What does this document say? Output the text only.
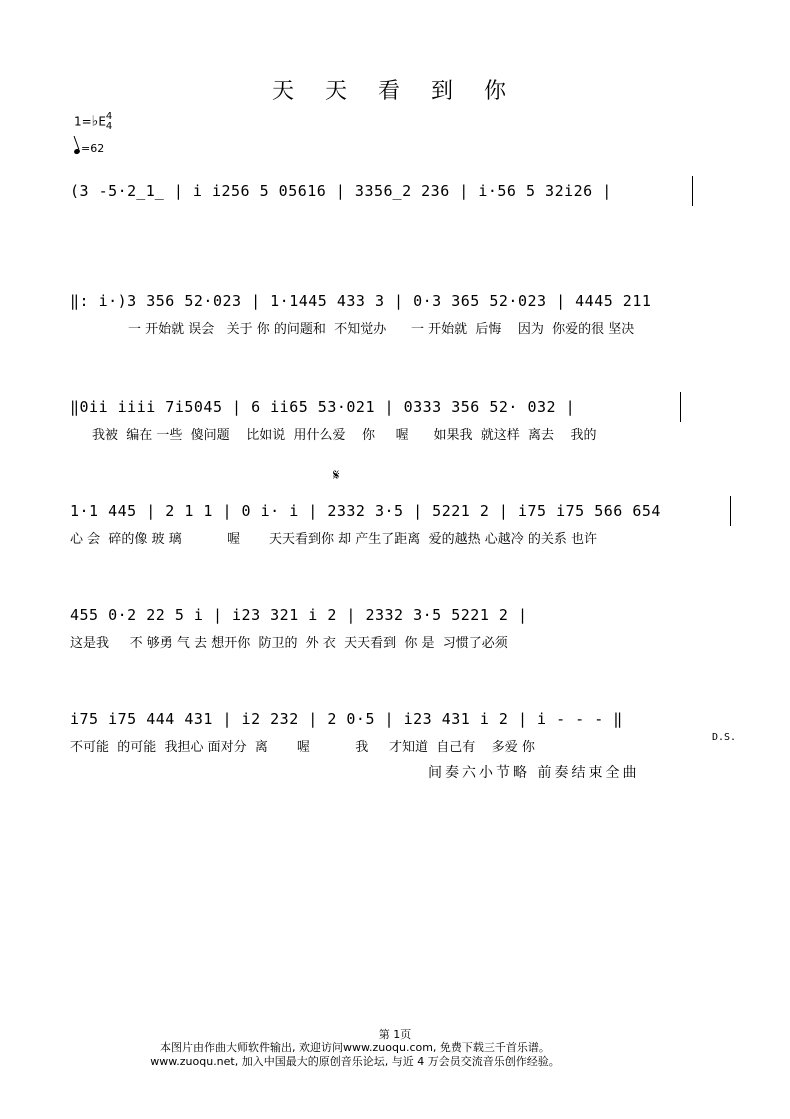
天 天 看 到 你
1=♭E4
4
=62
(3 -5·2̲1̲ | i i256 5 05616 | 3356̲2 236 | i·56 5 32i26 |
‖: i·)3 356 52·023 | 1·1445 433 3 | 0·3 365 52·023 | 4445 211
一 开始就 误会   关于 你 的问题和  不知觉办      一 开始就  后悔    因为  你爱的很 坚决
‖0ii iiii 7i5045 | 6 ii65 53·021 | 0333 356 52· 032 |
我被  编在 一些  傻问题    比如说  用什么爱    你     喔      如果我  就这样  离去    我的
𝄋
1·1 445 | 2 1 1 | 0 i· i | 2332 3·5 | 5221 2 | i75 i75 566 654
心 会  碎的像 玻 璃           喔       天天看到你 却 产生了距离  爱的越热 心越冷 的关系 也许
455 0·2 22 5 i | i23 321 i 2 | 2332 3·5 5221 2 |
这是我     不 够勇 气 去 想开你  防卫的  外 衣  天天看到  你 是  习惯了必须
i75 i75 444 431 | i2 232 | 2 0·5 | i23 431 i 2 | i - - - ‖
不可能  的可能  我担心 面对分  离       喔           我     才知道  自己有    多爱 你
D.S.
间奏六小节略 前奏结束全曲
第 1页
本图片由作曲大师软件输出, 欢迎访问www.zuoqu.com, 免费下载三千首乐谱。
www.zuoqu.net, 加入中国最大的原创音乐论坛, 与近 4 万会员交流音乐创作经验。
